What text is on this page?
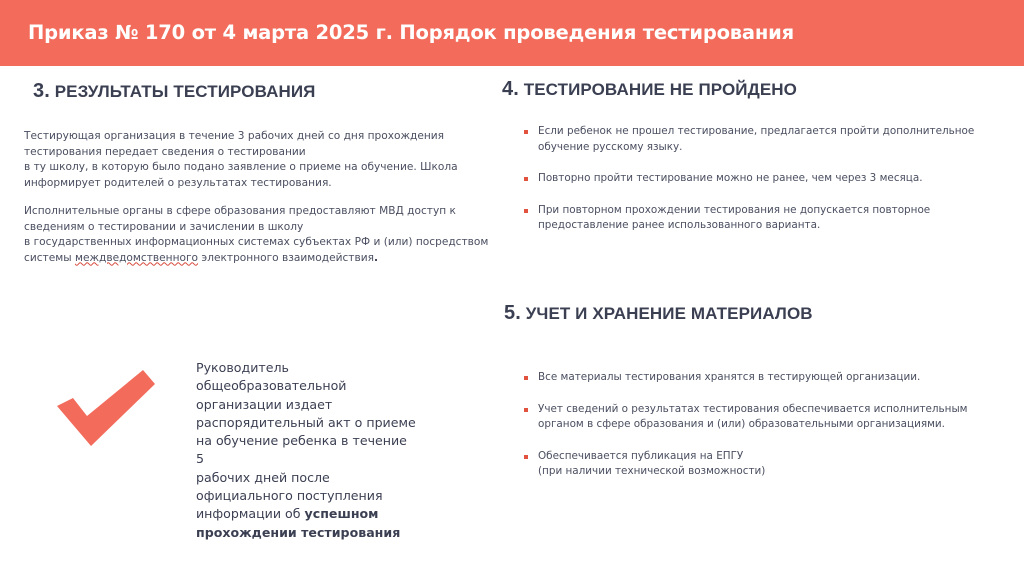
Приказ № 170 от 4 марта 2025 г. Порядок проведения тестирования
3. РЕЗУЛЬТАТЫ ТЕСТИРОВАНИЯ
Тестирующая организация в течение 3 рабочих дней со дня прохождения
тестирования передает сведения о тестировании
в ту школу, в которую было подано заявление о приеме на обучение. Школа
информирует родителей о результатах тестирования.
Исполнительные органы в сфере образования предоставляют МВД доступ к
сведениям о тестировании и зачислении в школу
в государственных информационных системах субъектах РФ и (или) посредством
системы междведомственного электронного взаимодействия.
Руководитель
общеобразовательной
организации издает
распорядительный акт о приеме
на обучение ребенка в течение 5
рабочих дней после
официального поступления
информации об успешном
прохождении тестирования
4. ТЕСТИРОВАНИЕ НЕ ПРОЙДЕНО
Если ребенок не прошел тестирование, предлагается пройти дополнительное
обучение русскому языку.
Повторно пройти тестирование можно не ранее, чем через 3 месяца.
При повторном прохождении тестирования не допускается повторное
предоставление ранее использованного варианта.
5. УЧЕТ И ХРАНЕНИЕ МАТЕРИАЛОВ
Все материалы тестирования хранятся в тестирующей организации.
Учет сведений о результатах тестирования обеспечивается исполнительным
органом в сфере образования и (или) образовательными организациями.
Обеспечивается публикация на ЕПГУ
(при наличии технической возможности)
